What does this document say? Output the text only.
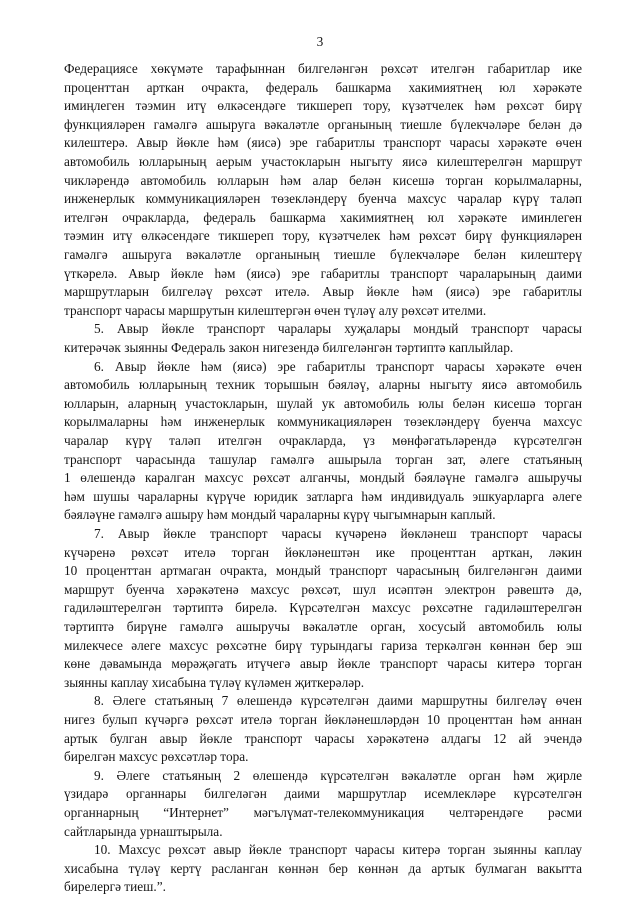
3

Федерациясе хөкүмәте тарафыннан билгеләнгән рөхсәт ителгән габаритлар ике

проценттан арткан очракта, федераль башкарма хакимиятнең юл хәрәкәте

имиңлеген тәэмин итү өлкәсендәге тикшереп тору, күзәтчелек һәм рөхсәт бирү

функцияләрен гамәлгә ашыруга вәкаләтле органының тиешле бүлекчәләре белән дә

килештерә. Авыр йөкле һәм (яисә) эре габаритлы транспорт чарасы хәрәкәте өчен

автомобиль юлларының аерым участокларын ныгыту яисә килештерелгән маршрут

чикләрендә автомобиль юлларын һәм алар белән кисешә торган корылмаларны,

инженерлык коммуникацияләрен төзекләндерү буенча махсус чаралар күрү таләп

ителгән очракларда, федераль башкарма хакимиятнең юл хәрәкәте иминлеген

тәэмин итү өлкәсендәге тикшереп тору, күзәтчелек һәм рөхсәт бирү функцияләрен

гамәлгә ашыруга вәкаләтле органының тиешле бүлекчәләре белән килештерү

үткәрелә. Авыр йөкле һәм (яисә) эре габаритлы транспорт чараларының даими

маршрутларын билгеләү рөхсәт ителә. Авыр йөкле һәм (яисә) эре габаритлы

транспорт чарасы маршрутын килештергән өчен түләү алу рөхсәт ителми.

5. Авыр йөкле транспорт чаралары хуҗалары мондый транспорт чарасы

китерәчәк зыянны Федераль закон нигезендә билгеләнгән тәртиптә каплыйлар.

6. Авыр йөкле һәм (яисә) эре габаритлы транспорт чарасы хәрәкәте өчен

автомобиль юлларының техник торышын бәяләү, аларны ныгыту яисә автомобиль

юлларын, аларның участокларын, шулай ук автомобиль юлы белән кисешә торган

корылмаларны һәм инженерлык коммуникацияләрен төзекләндерү буенча махсус

чаралар күрү таләп ителгән очракларда, үз мөнфәгатьләрендә күрсәтелгән

транспорт чарасында ташулар гамәлгә ашырыла торган зат, әлеге статьяның

1 өлешендә каралган махсус рөхсәт алганчы, мондый бәяләүне гамәлгә ашыручы

һәм шушы чараларны күрүче юридик затларга һәм индивидуаль эшкуарларга әлеге

бәяләүне гамәлгә ашыру һәм мондый чараларны күрү чыгымнарын каплый.

7. Авыр йөкле транспорт чарасы күчәренә йөкләнеш транспорт чарасы

күчәренә рөхсәт ителә торган йөкләнештән ике проценттан арткан, ләкин

10 проценттан артмаган очракта, мондый транспорт чарасының билгеләнгән даими

маршрут буенча хәрәкәтенә махсус рөхсәт, шул исәптән электрон рәвештә дә,

гадиләштерелгән тәртиптә бирелә. Күрсәтелгән махсус рөхсәтне гадиләштерелгән

тәртиптә бирүне гамәлгә ашыручы вәкаләтле орган, хосусый автомобиль юлы

милекчесе әлеге махсус рөхсәтне бирү турындагы гариза теркәлгән көннән бер эш

көне дәвамында мөрәҗәгать итүчегә авыр йөкле транспорт чарасы китерә торган

зыянны каплау хисабына түләү күләмен җиткерәләр.

8. Әлеге статьяның 7 өлешендә күрсәтелгән даими маршрутны билгеләү өчен

нигез булып күчәргә рөхсәт ителә торган йөкләнешләрдән 10 проценттан һәм аннан

артык булган авыр йөкле транспорт чарасы хәрәкәтенә алдагы 12 ай эчендә

бирелгән махсус рөхсәтләр тора.

9. Әлеге статьяның 2 өлешендә күрсәтелгән вәкаләтле орган һәм җирле

үзидарә органнары билгеләгән даими маршрутлар исемлекләре күрсәтелгән

органнарның “Интернет” мәгълүмат-телекоммуникация челтәрендәге рәсми

сайтларында урнаштырыла.

10. Махсус рөхсәт авыр йөкле транспорт чарасы китерә торган зыянны каплау

хисабына түләү кертү расланган көннән бер көннән да артык булмаган вакытта

бирелергә тиеш.”.
